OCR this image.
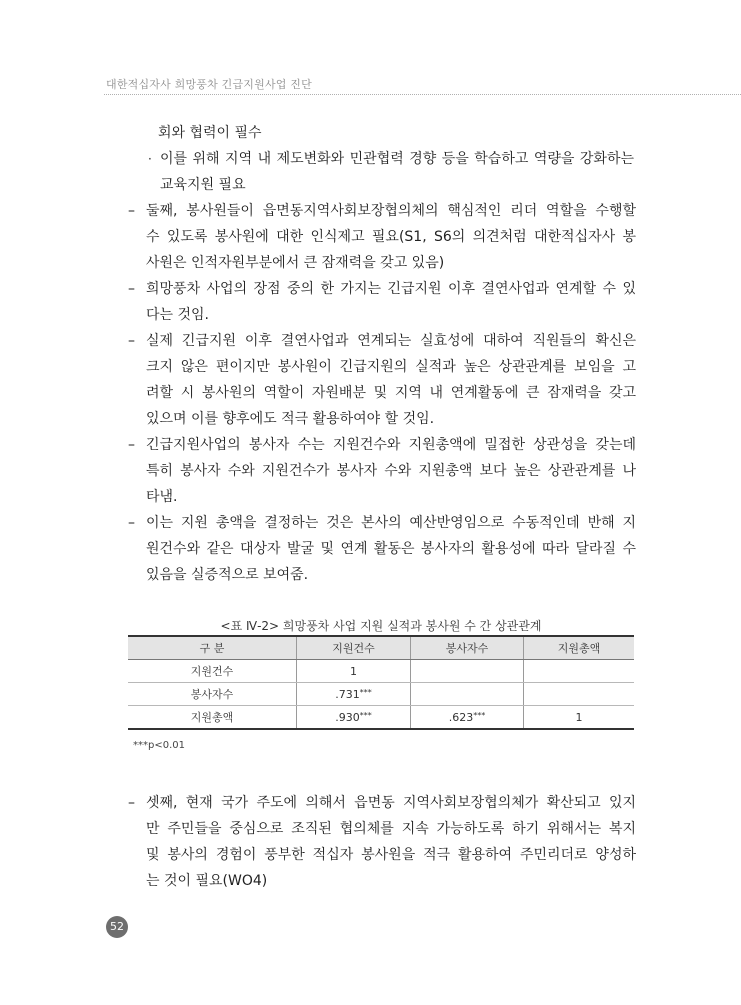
대한적십자사 희망풍차 긴급지원사업 진단
회와 협력이 필수
· 이를 위해 지역 내 제도변화와 민관협력 경향 등을 학습하고 역량을 강화하는
교육지원 필요
– 둘째, 봉사원들이 읍면동지역사회보장협의체의 핵심적인 리더 역할을 수행할
수 있도록 봉사원에 대한 인식제고 필요(S1, S6의 의견처럼 대한적십자사 봉
사원은 인적자원부분에서 큰 잠재력을 갖고 있음)
– 희망풍차 사업의 장점 중의 한 가지는 긴급지원 이후 결연사업과 연계할 수 있
다는 것임.
– 실제 긴급지원 이후 결연사업과 연계되는 실효성에 대하여 직원들의 확신은
크지 않은 편이지만 봉사원이 긴급지원의 실적과 높은 상관관계를 보임을 고
려할 시 봉사원의 역할이 자원배분 및 지역 내 연계활동에 큰 잠재력을 갖고
있으며 이를 향후에도 적극 활용하여야 할 것임.
– 긴급지원사업의 봉사자 수는 지원건수와 지원총액에 밀접한 상관성을 갖는데
특히 봉사자 수와 지원건수가 봉사자 수와 지원총액 보다 높은 상관관계를 나
타냄.
– 이는 지원 총액을 결정하는 것은 본사의 예산반영임으로 수동적인데 반해 지
원건수와 같은 대상자 발굴 및 연계 활동은 봉사자의 활용성에 따라 달라질 수
있음을 실증적으로 보여줌.
<표 Ⅳ-2> 희망풍차 사업 지원 실적과 봉사원 수 간 상관관계
구 분	지원건수	봉사자수	지원총액
지원건수	1		
봉사자수	.731***		
지원총액	.930***	.623***	1
***p<0.01
– 셋째, 현재 국가 주도에 의해서 읍면동 지역사회보장협의체가 확산되고 있지
만 주민들을 중심으로 조직된 협의체를 지속 가능하도록 하기 위해서는 복지
및 봉사의 경험이 풍부한 적십자 봉사원을 적극 활용하여 주민리더로 양성하
는 것이 필요(WO4)
52
